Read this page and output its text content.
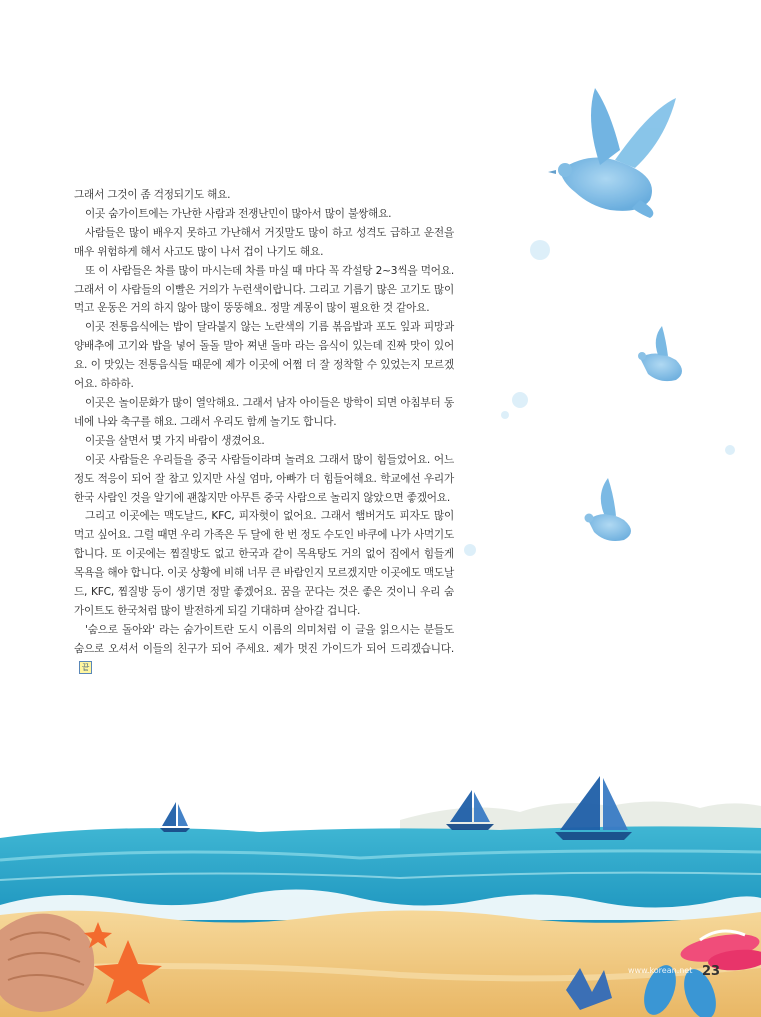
그래서 그것이 좀 걱정되기도 해요.

이곳 숨가이트에는 가난한 사람과 전쟁난민이 많아서 많이 불쌍해요.

사람들은 많이 배우지 못하고 가난해서 거짓말도 많이 하고 성격도 급하고 운전을 매우 위험하게 해서 사고도 많이 나서 겁이 나기도 해요.

또 이 사람들은 차를 많이 마시는데 차를 마실 때 마다 꼭 각설탕 2~3씩을 먹어요. 그래서 이 사람들의 이빨은 거의가 누런색이랍니다. 그리고 기름기 많은 고기도 많이 먹고 운동은 거의 하지 않아 많이 뚱뚱해요. 정말 계몽이 많이 필요한 것 같아요.

이곳 전통음식에는 밥이 달라붙지 않는 노란색의 기름 볶음밥과 포도 잎과 피망과 양배추에 고기와 밥을 넣어 돌돌 말아 쪄낸 돌마 라는 음식이 있는데 진짜 맛이 있어요. 이 맛있는 전통음식들 때문에 제가 이곳에 어쩜 더 잘 정착할 수 있었는지 모르겠어요. 하하하.

이곳은 놀이문화가 많이 열악해요. 그래서 남자 아이들은 방학이 되면 아침부터 동네에 나와 축구를 해요. 그래서 우리도 함께 놀기도 합니다.

이곳을 살면서 몇 가지 바람이 생겼어요.

이곳 사람들은 우리들을 중국 사람들이라며 놀려요 그래서 많이 힘들었어요. 어느 정도 적응이 되어 잘 참고 있지만 사실 엄마, 아빠가 더 힘들어해요. 학교에선 우리가 한국 사람인 것을 알기에 괜찮지만 아무튼 중국 사람으로 놀리지 않았으면 좋겠어요.

그리고 이곳에는 맥도날드, KFC, 피자헛이 없어요. 그래서 햄버거도 피자도 많이 먹고 싶어요. 그럴 때면 우리 가족은 두 달에 한 번 정도 수도인 바쿠에 나가 사먹기도 합니다. 또 이곳에는 찜질방도 없고 한국과 같이 목욕탕도 거의 없어 집에서 힘들게 목욕을 해야 합니다. 이곳 상황에 비해 너무 큰 바람인지 모르겠지만 이곳에도 맥도날드, KFC, 찜질방 등이 생기면 정말 좋겠어요. 꿈을 꾼다는 것은 좋은 것이니 우리 숨가이트도 한국처럼 많이 발전하게 되길 기대하며 살아갈 겁니다.

'숨으로 돌아와' 라는 숨가이트란 도시 이름의 의미처럼 이 글을 읽으시는 분들도 숨으로 오셔서 이들의 친구가 되어 주세요. 제가 멋진 가이드가 되어 드리겠습니다.끝

www.korean.net 23
